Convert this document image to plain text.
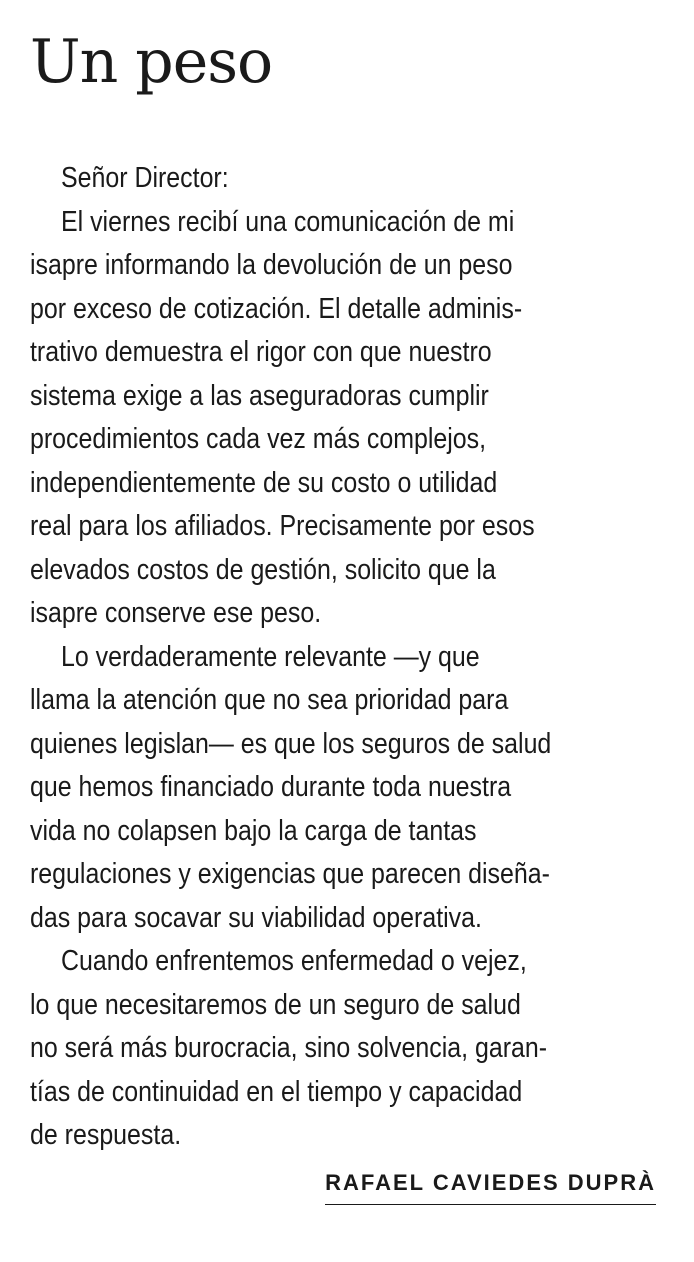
Un peso
Señor Director:
El viernes recibí una comunicación de mi
isapre informando la devolución de un peso
por exceso de cotización. El detalle adminis-
trativo demuestra el rigor con que nuestro
sistema exige a las aseguradoras cumplir
procedimientos cada vez más complejos,
independientemente de su costo o utilidad
real para los afiliados. Precisamente por esos
elevados costos de gestión, solicito que la
isapre conserve ese peso.
Lo verdaderamente relevante —y que
llama la atención que no sea prioridad para
quienes legislan— es que los seguros de salud
que hemos financiado durante toda nuestra
vida no colapsen bajo la carga de tantas
regulaciones y exigencias que parecen diseña-
das para socavar su viabilidad operativa.
Cuando enfrentemos enfermedad o vejez,
lo que necesitaremos de un seguro de salud
no será más burocracia, sino solvencia, garan-
tías de continuidad en el tiempo y capacidad
de respuesta.
RAFAEL CAVIEDES DUPRÀ
